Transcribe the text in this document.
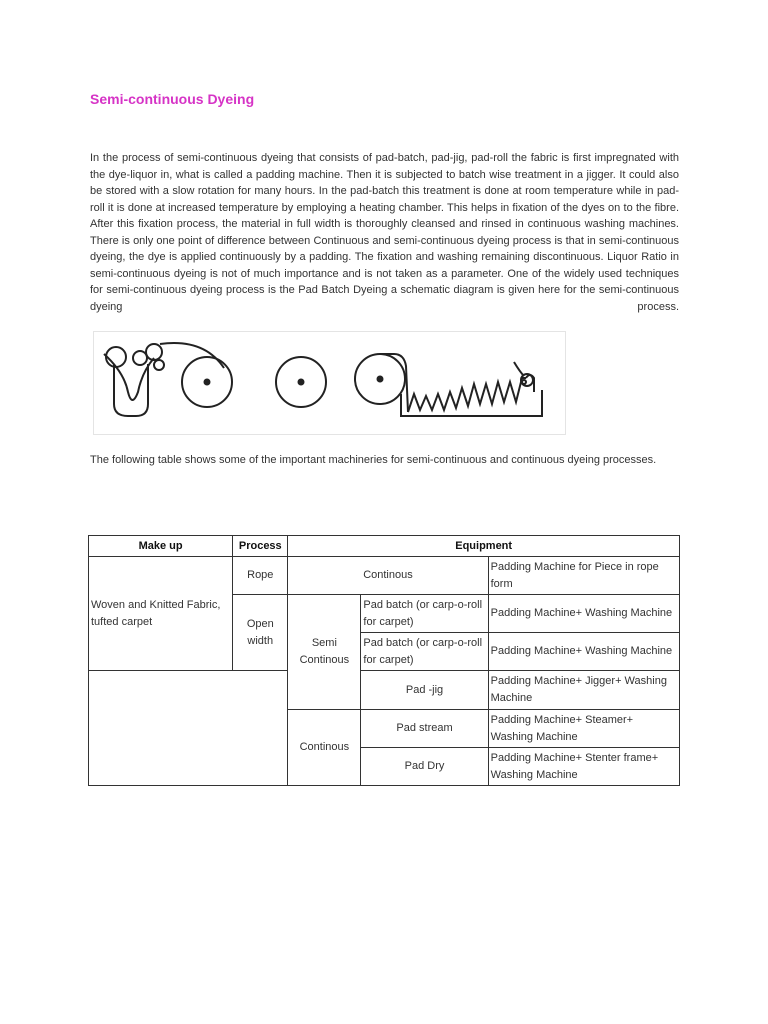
Semi-continuous Dyeing

In the process of semi-continuous dyeing that consists of pad-batch, pad-jig, pad-roll the fabric is first impregnated with the dye-liquor in, what is called a padding machine. Then it is subjected to batch wise treatment in a jigger. It could also be stored with a slow rotation for many hours. In the pad-batch this treatment is done at room temperature while in pad-roll it is done at increased temperature by employing a heating chamber. This helps in fixation of the dyes on to the fibre. After this fixation process, the material in full width is thoroughly cleansed and rinsed in continuous washing machines. There is only one point of difference between Continuous and semi-continuous dyeing process is that in semi-continuous dyeing, the dye is applied continuously by a padding. The fixation and washing remaining discontinuous. Liquor Ratio in semi-continuous dyeing is not of much importance and is not taken as a parameter. One of the widely used techniques for semi-continuous dyeing process is the Pad Batch Dyeing a schematic diagram is given here for the semi-continuous dyeing process.

The following table shows some of the important machineries for semi-continuous and continuous dyeing processes.

Make up	Process	Equipment		
Woven and Knitted Fabric, tufted carpet	Rope	Continous		Padding Machine for Piece in rope form
	Open width	Semi Continous	Pad batch (or carp-o-roll for carpet)	Padding Machine+ Washing Machine
			Pad batch (or carp-o-roll for carpet)	Padding Machine+ Washing Machine
			Pad -jig	Padding Machine+ Jigger+ Washing Machine
		Continous	Pad stream	Padding Machine+ Steamer+ Washing Machine
			Pad Dry	Padding Machine+ Stenter frame+ Washing Machine
